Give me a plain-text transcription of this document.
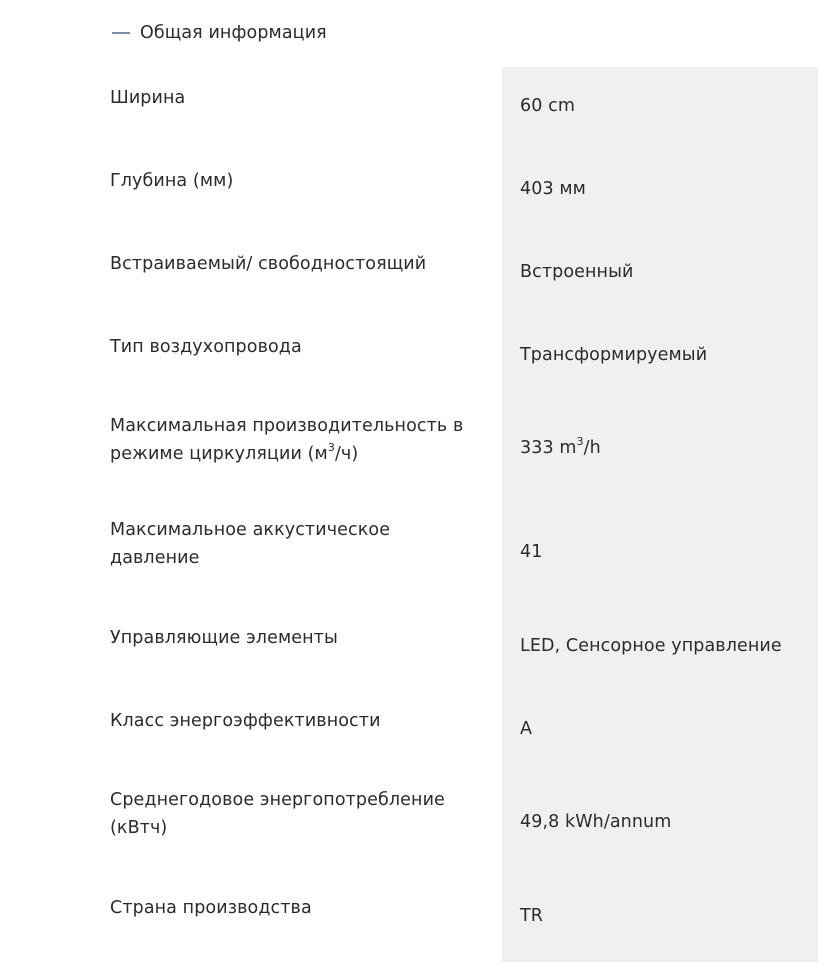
Общая информация
Ширина	60 cm
Глубина (мм)	403 мм
Встраиваемый/ свободностоящий	Встроенный
Тип воздухопровода	Трансформируемый
Максимальная производительность в режиме циркуляции $(м^3/ч)$	333 $m^3/h$
Максимальное аккустическое давление	41
Управляющие элементы	LED, Сенсорное управление
Класс энергоэффективности	A
Среднегодовое энергопотребление (кВтч)	49,8 kWh/annum
Страна производства	TR
